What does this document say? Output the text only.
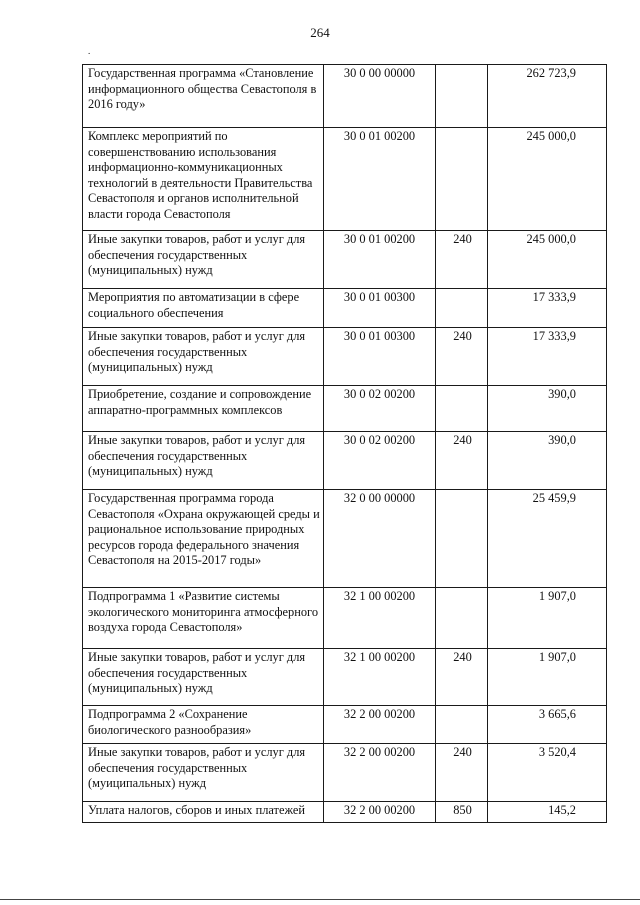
264
.
Государственная программа «Становление информационного общества Севастополя в 2016 году»	30 0 00 00000		262 723,9
Комплекс мероприятий по совершенствованию использования информационно-коммуникационных технологий в деятельности Правительства Севастополя и органов исполнительной власти города Севастополя	30 0 01 00200		245 000,0
Иные закупки товаров, работ и услуг для обеспечения государственных (муниципальных) нужд	30 0 01 00200	240	245 000,0
Мероприятия по автоматизации в сфере социального обеспечения	30 0 01 00300		17 333,9
Иные закупки товаров, работ и услуг для обеспечения государственных (муниципальных) нужд	30 0 01 00300	240	17 333,9
Приобретение, создание и сопровождение аппаратно-программных комплексов	30 0 02 00200		390,0
Иные закупки товаров, работ и услуг для обеспечения государственных (муниципальных) нужд	30 0 02 00200	240	390,0
Государственная программа города Севастополя «Охрана окружающей среды и рациональное использование природных ресурсов города федерального значения Севастополя на 2015-2017 годы»	32 0 00 00000		25 459,9
Подпрограмма 1 «Развитие системы экологического мониторинга атмосферного воздуха города Севастополя»	32 1 00 00200		1 907,0
Иные закупки товаров, работ и услуг для обеспечения государственных (муниципальных) нужд	32 1 00 00200	240	1 907,0
Подпрограмма 2 «Сохранение биологического разнообразия»	32 2 00 00200		3 665,6
Иные закупки товаров, работ и услуг для обеспечения государственных (муиципальных) нужд	32 2 00 00200	240	3 520,4
Уплата налогов, сборов и иных платежей	32 2 00 00200	850	145,2
